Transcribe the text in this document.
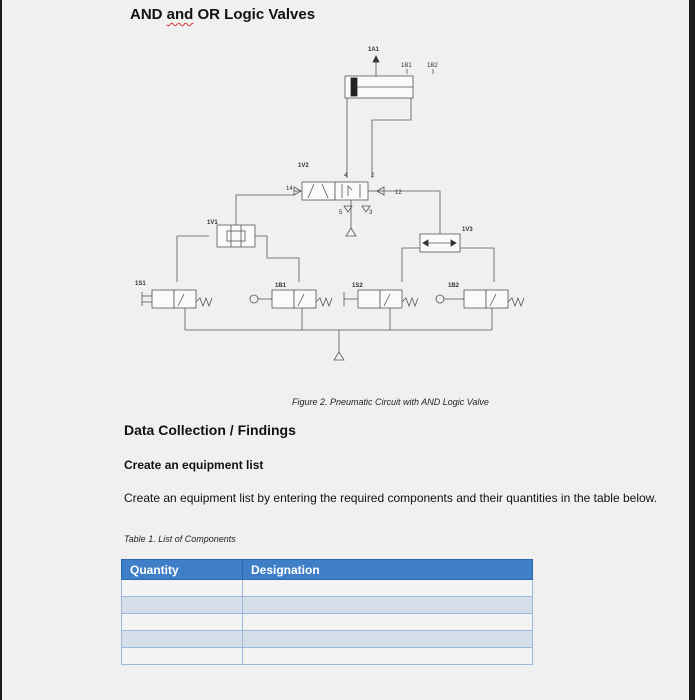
AND and OR Logic Valves
1A1
1B1	1B2
1V2
14
12
4	2
5	3
1V1
1V3
1S1	1B1	1S2	1B2
Figure 2. Pneumatic Circuit with AND Logic Valve
Data Collection / Findings
Create an equipment list
Create an equipment list by entering the required components and their quantities in the table below.
Table 1. List of Components
Quantity	Designation
